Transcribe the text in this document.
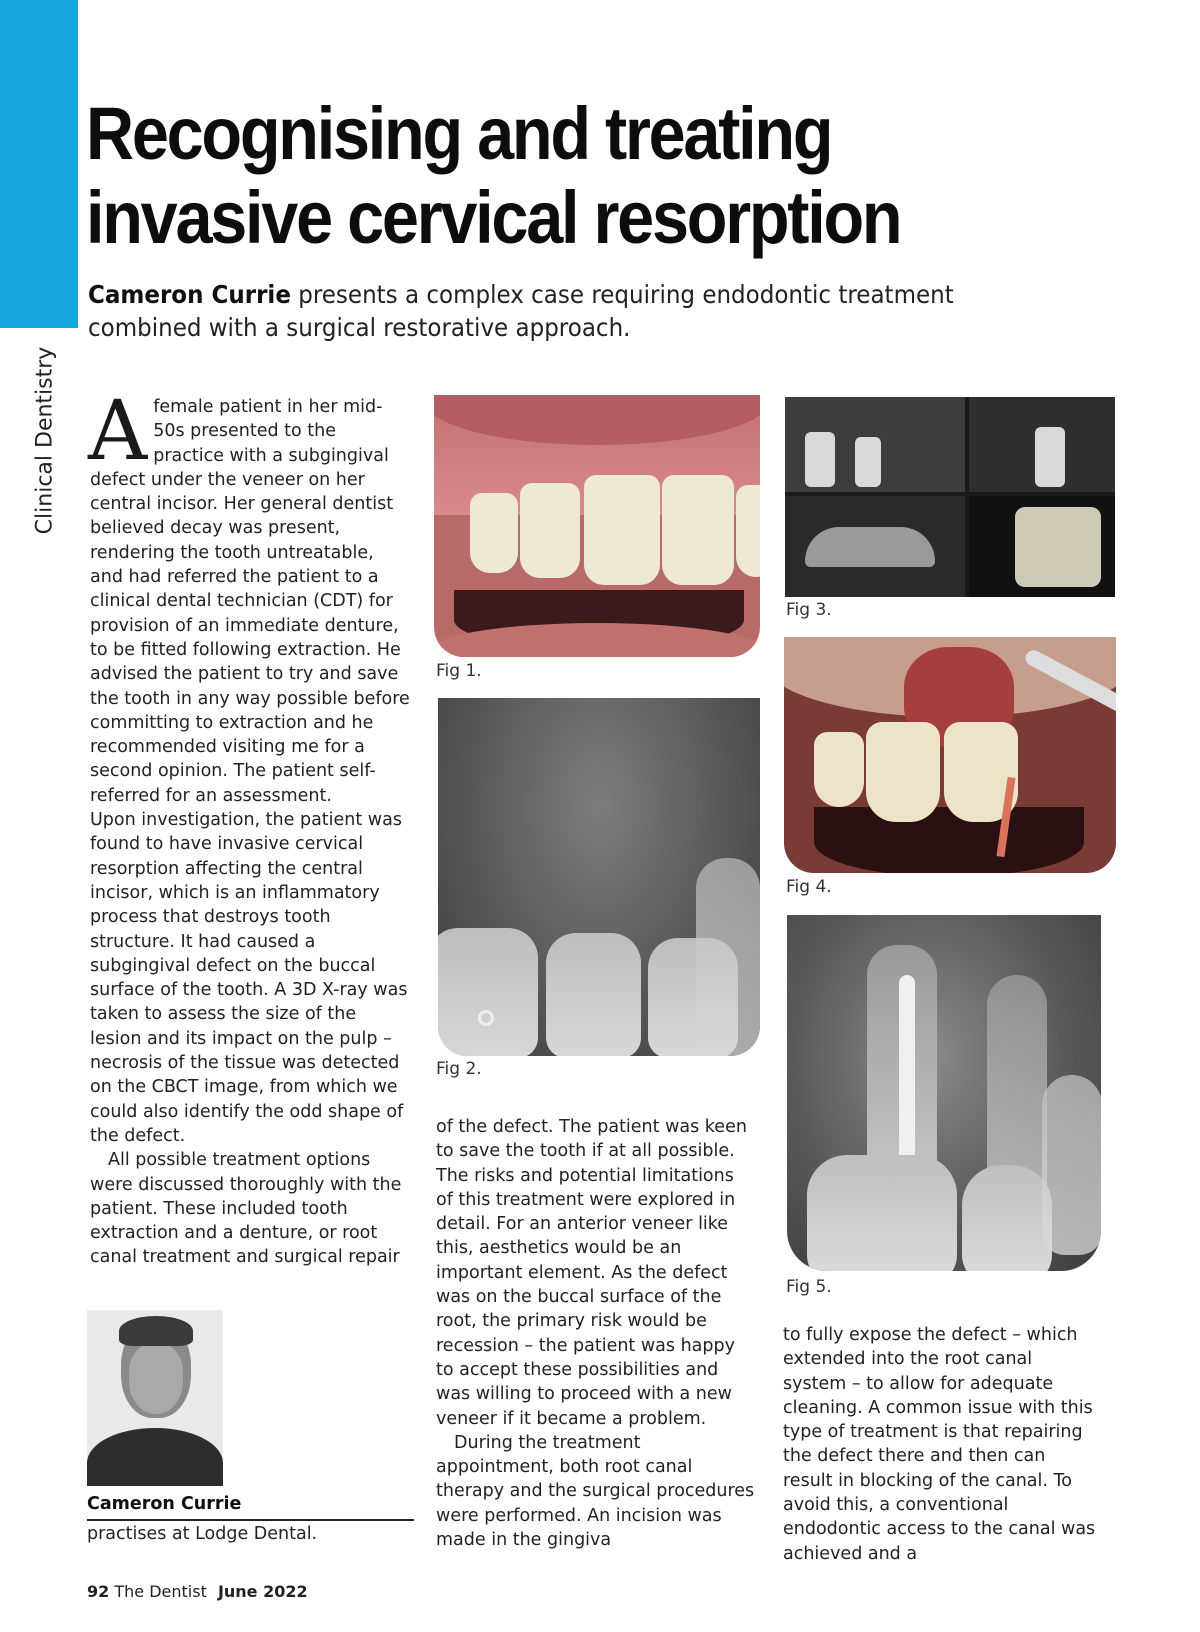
Clinical Dentistry
Recognising and treating
invasive cervical resorption

Cameron Currie presents a complex case requiring endodontic treatment combined with a surgical restorative approach.

Afemale patient in her mid-50s presented to the practice with a subgingival defect under the veneer on her central incisor. Her general dentist believed decay was present, rendering the tooth untreatable, and had referred the patient to a clinical dental technician (CDT) for provision of an immediate denture, to be fitted following extraction. He advised the patient to try and save the tooth in any way possible before committing to extraction and he recommended visiting me for a second opinion. The patient self-referred for an assessment.

Upon investigation, the patient was found to have invasive cervical resorption affecting the central incisor, which is an inflammatory process that destroys tooth structure. It had caused a subgingival defect on the buccal surface of the tooth. A 3D X-ray was taken to assess the size of the lesion and its impact on the pulp – necrosis of the tissue was detected on the CBCT image, from which we could also identify the odd shape of the defect.

All possible treatment options were discussed thoroughly with the patient. These included tooth extraction and a denture, or root canal treatment and surgical repair

Fig 1.
Fig 2.

of the defect. The patient was keen to save the tooth if at all possible. The risks and potential limitations of this treatment were explored in detail. For an anterior veneer like this, aesthetics would be an important element. As the defect was on the buccal surface of the root, the primary risk would be recession – the patient was happy to accept these possibilities and was willing to proceed with a new veneer if it became a problem.

During the treatment appointment, both root canal therapy and the surgical procedures were performed. An incision was made in the gingiva

Fig 3.
Fig 4.
Fig 5.

to fully expose the defect – which extended into the root canal system – to allow for adequate cleaning. A common issue with this type of treatment is that repairing the defect there and then can result in blocking of the canal. To avoid this, a conventional endodontic access to the canal was achieved and a

Cameron Currie
practises at Lodge Dental.
92 The Dentist June 2022
